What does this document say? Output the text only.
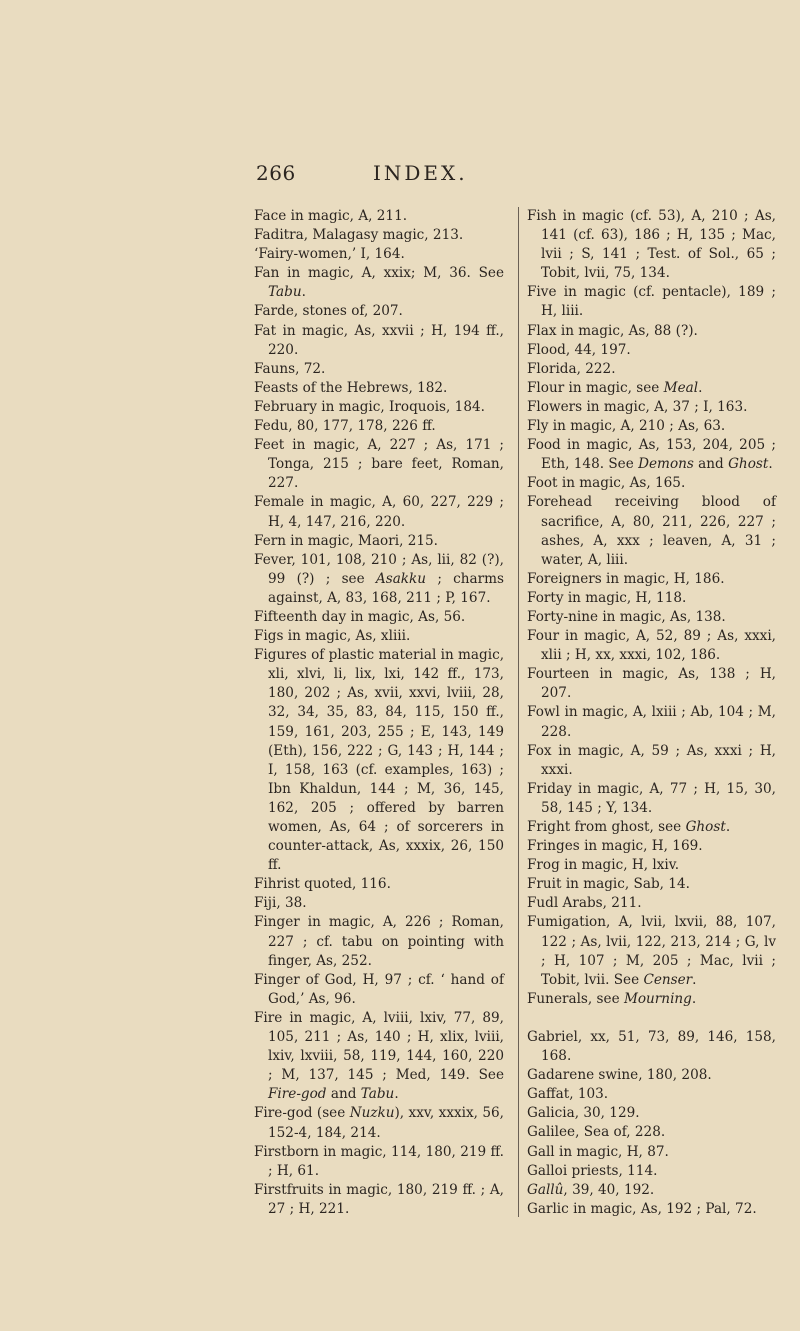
266	INDEX.

Face in magic, A, 211.

Faditra, Malagasy magic, 213.

‘Fairy-women,’ I, 164.

Fan in magic, A, xxix; M, 36. See Tabu.

Farde, stones of, 207.

Fat in magic, As, xxvii ; H, 194 ff., 220.

Fauns, 72.

Feasts of the Hebrews, 182.

February in magic, Iroquois, 184.

Fedu, 80, 177, 178, 226 ff.

Feet in magic, A, 227 ; As, 171 ; Tonga, 215 ; bare feet, Roman, 227.

Female in magic, A, 60, 227, 229 ; H, 4, 147, 216, 220.

Fern in magic, Maori, 215.

Fever, 101, 108, 210 ; As, lii, 82 (?), 99 (?) ; see Asakku ; charms against, A, 83, 168, 211 ; P, 167.

Fifteenth day in magic, As, 56.

Figs in magic, As, xliii.

Figures of plastic material in magic, xli, xlvi, li, lix, lxi, 142 ff., 173, 180, 202 ; As, xvii, xxvi, lviii, 28, 32, 34, 35, 83, 84, 115, 150 ff., 159, 161, 203, 255 ; E, 143, 149 (Eth), 156, 222 ; G, 143 ; H, 144 ; I, 158, 163 (cf. examples, 163) ; Ibn Khaldun, 144 ; M, 36, 145, 162, 205 ; offered by barren women, As, 64 ; of sorcerers in counter-attack, As, xxxix, 26, 150 ff.

Fihrist quoted, 116.

Fiji, 38.

Finger in magic, A, 226 ; Roman, 227 ; cf. tabu on pointing with finger, As, 252.

Finger of God, H, 97 ; cf. ‘ hand of God,’ As, 96.

Fire in magic, A, lviii, lxiv, 77, 89, 105, 211 ; As, 140 ; H, xlix, lviii, lxiv, lxviii, 58, 119, 144, 160, 220 ; M, 137, 145 ; Med, 149. See Fire-god and Tabu.

Fire-god (see Nuzku), xxv, xxxix, 56, 152-4, 184, 214.

Firstborn in magic, 114, 180, 219 ff. ; H, 61.

Firstfruits in magic, 180, 219 ff. ; A, 27 ; H, 221.

Fish in magic (cf. 53), A, 210 ; As, 141 (cf. 63), 186 ; H, 135 ; Mac, lvii ; S, 141 ; Test. of Sol., 65 ; Tobit, lvii, 75, 134.

Five in magic (cf. pentacle), 189 ; H, liii.

Flax in magic, As, 88 (?).

Flood, 44, 197.

Florida, 222.

Flour in magic, see Meal.

Flowers in magic, A, 37 ; I, 163.

Fly in magic, A, 210 ; As, 63.

Food in magic, As, 153, 204, 205 ; Eth, 148. See Demons and Ghost.

Foot in magic, As, 165.

Forehead receiving blood of sacrifice, A, 80, 211, 226, 227 ; ashes, A, xxx ; leaven, A, 31 ; water, A, liii.

Foreigners in magic, H, 186.

Forty in magic, H, 118.

Forty-nine in magic, As, 138.

Four in magic, A, 52, 89 ; As, xxxi, xlii ; H, xx, xxxi, 102, 186.

Fourteen in magic, As, 138 ; H, 207.

Fowl in magic, A, lxiii ; Ab, 104 ; M, 228.

Fox in magic, A, 59 ; As, xxxi ; H, xxxi.

Friday in magic, A, 77 ; H, 15, 30, 58, 145 ; Y, 134.

Fright from ghost, see Ghost.

Fringes in magic, H, 169.

Frog in magic, H, lxiv.

Fruit in magic, Sab, 14.

Fudl Arabs, 211.

Fumigation, A, lvii, lxvii, 88, 107, 122 ; As, lvii, 122, 213, 214 ; G, lv ; H, 107 ; M, 205 ; Mac, lvii ; Tobit, lvii. See Censer.

Funerals, see Mourning.

Gabriel, xx, 51, 73, 89, 146, 158, 168.

Gadarene swine, 180, 208.

Gaffat, 103.

Galicia, 30, 129.

Galilee, Sea of, 228.

Gall in magic, H, 87.

Galloi priests, 114.

Gallû, 39, 40, 192.

Garlic in magic, As, 192 ; Pal, 72.
